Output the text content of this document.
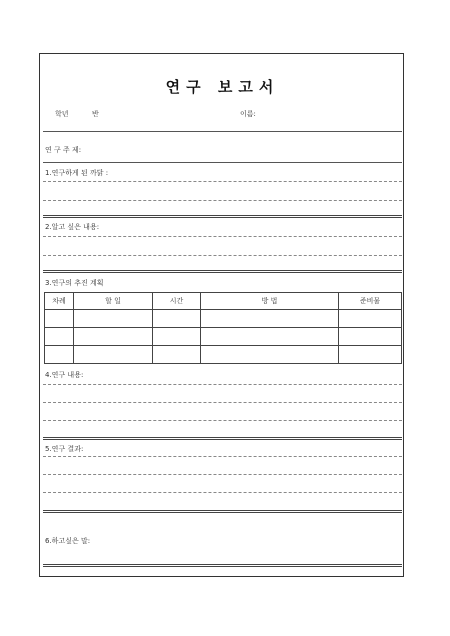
연구 보고서
학년	반	이름:
연 구 주 제:
1.연구하게 된 까닭 :
2.알고 싶은 내용:
3.연구의 추진 계획
차례	할 일	시간	방 법	준비물

4.연구 내용:
5.연구 결과:
6.하고싶은 말:
